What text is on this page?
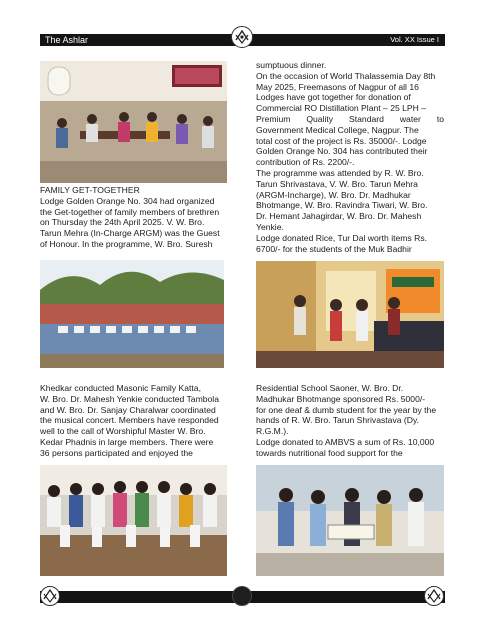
The Ashlar	Vol. XX Issue I

FAMILY GET-TOGETHER

Lodge Golden Orange No. 304 had organized

the Get-together of family members of brethren

on Thursday the 24th April 2025. V. W. Bro.

Tarun Mehra (In-Charge ARGM) was the Guest

of Honour. In the programme, W. Bro. Suresh

Khedkar conducted Masonic Family Katta,

W. Bro. Dr. Mahesh Yenkie conducted Tambola

and W. Bro. Dr. Sanjay Charalwar coordinated

the musical concert. Members have responded

well to the call of Worshipful Master W. Bro.

Kedar Phadnis in large members. There were

36 persons participated and enjoyed the

sumptuous dinner.

On the occasion of World Thalassemia Day 8th

May 2025, Freemasons of Nagpur of all 16

Lodges have got together for donation of

Commercial RO Distillation Plant – 25 LPH –

Premium Quality Standard water to

Government Medical College, Nagpur. The

total cost of the project is Rs. 35000/-. Lodge

Golden Orange No. 304 has contributed their

contribution of Rs. 2200/-.

The programme was attended by R. W. Bro.

Tarun Shrivastava, V. W. Bro. Tarun Mehra

(ARGM-Incharge), W. Bro. Dr. Madhukar

Bhotmange, W. Bro. Ravindra Tiwari, W. Bro.

Dr. Hemant Jahagirdar, W. Bro. Dr. Mahesh

Yenkie.

Lodge donated Rice, Tur Dal worth items Rs.

6700/- for the students of the Muk Badhir

Residential School Saoner, W. Bro. Dr.

Madhukar Bhotmange sponsored Rs. 5000/-

for one deaf & dumb student for the year by the

hands of R. W. Bro. Tarun Shrivastava (Dy.

R.G.M.).

Lodge donated to AMBVS a sum of Rs. 10,000

towards nutritional food support for the
